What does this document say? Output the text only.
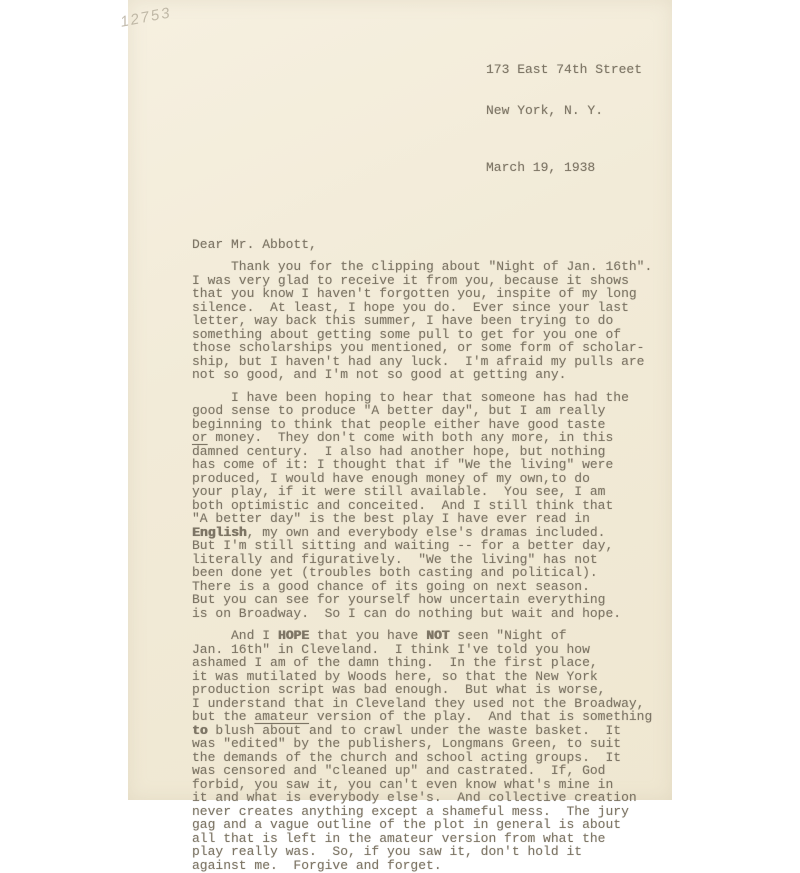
12753

173 East 74th Street

New York, N. Y.

March 19, 1938

Dear Mr. Abbott,
Thank you for the clipping about "Night of Jan. 16th".
I was very glad to receive it from you, because it shows
that you know I haven't forgotten you, inspite of my long
silence.  At least, I hope you do.  Ever since your last
letter, way back this summer, I have been trying to do
something about getting some pull to get for you one of
those scholarships you mentioned, or some form of scholar-
ship, but I haven't had any luck.  I'm afraid my pulls are
not so good, and I'm not so good at getting any.
I have been hoping to hear that someone has had the
good sense to produce "A better day", but I am really
beginning to think that people either have good taste
or money.  They don't come with both any more, in this
damned century.  I also had another hope, but nothing
has come of it: I thought that if "We the living" were
produced, I would have enough money of my own,to do
your play, if it were still available.  You see, I am
both optimistic and conceited.  And I still think that
"A better day" is the best play I have ever read in
English, my own and everybody else's dramas included.
But I'm still sitting and waiting -- for a better day,
literally and figuratively.  "We the living" has not
been done yet (troubles both casting and political).
There is a good chance of its going on next season.
But you can see for yourself how uncertain everything
is on Broadway.  So I can do nothing but wait and hope.
And I HOPE that you have NOT seen "Night of
Jan. 16th" in Cleveland.  I think I've told you how
ashamed I am of the damn thing.  In the first place,
it was mutilated by Woods here, so that the New York
production script was bad enough.  But what is worse,
I understand that in Cleveland they used not the Broadway,
but the amateur version of the play.  And that is something
to blush about and to crawl under the waste basket.  It
was "edited" by the publishers, Longmans Green, to suit
the demands of the church and school acting groups.  It
was censored and "cleaned up" and castrated.  If, God
forbid, you saw it, you can't even know what's mine in
it and what is everybody else's.  And collective creation
never creates anything except a shameful mess.  The jury
gag and a vague outline of the plot in general is about
all that is left in the amateur version from what the
play really was.  So, if you saw it, don't hold it
against me.  Forgive and forget.
